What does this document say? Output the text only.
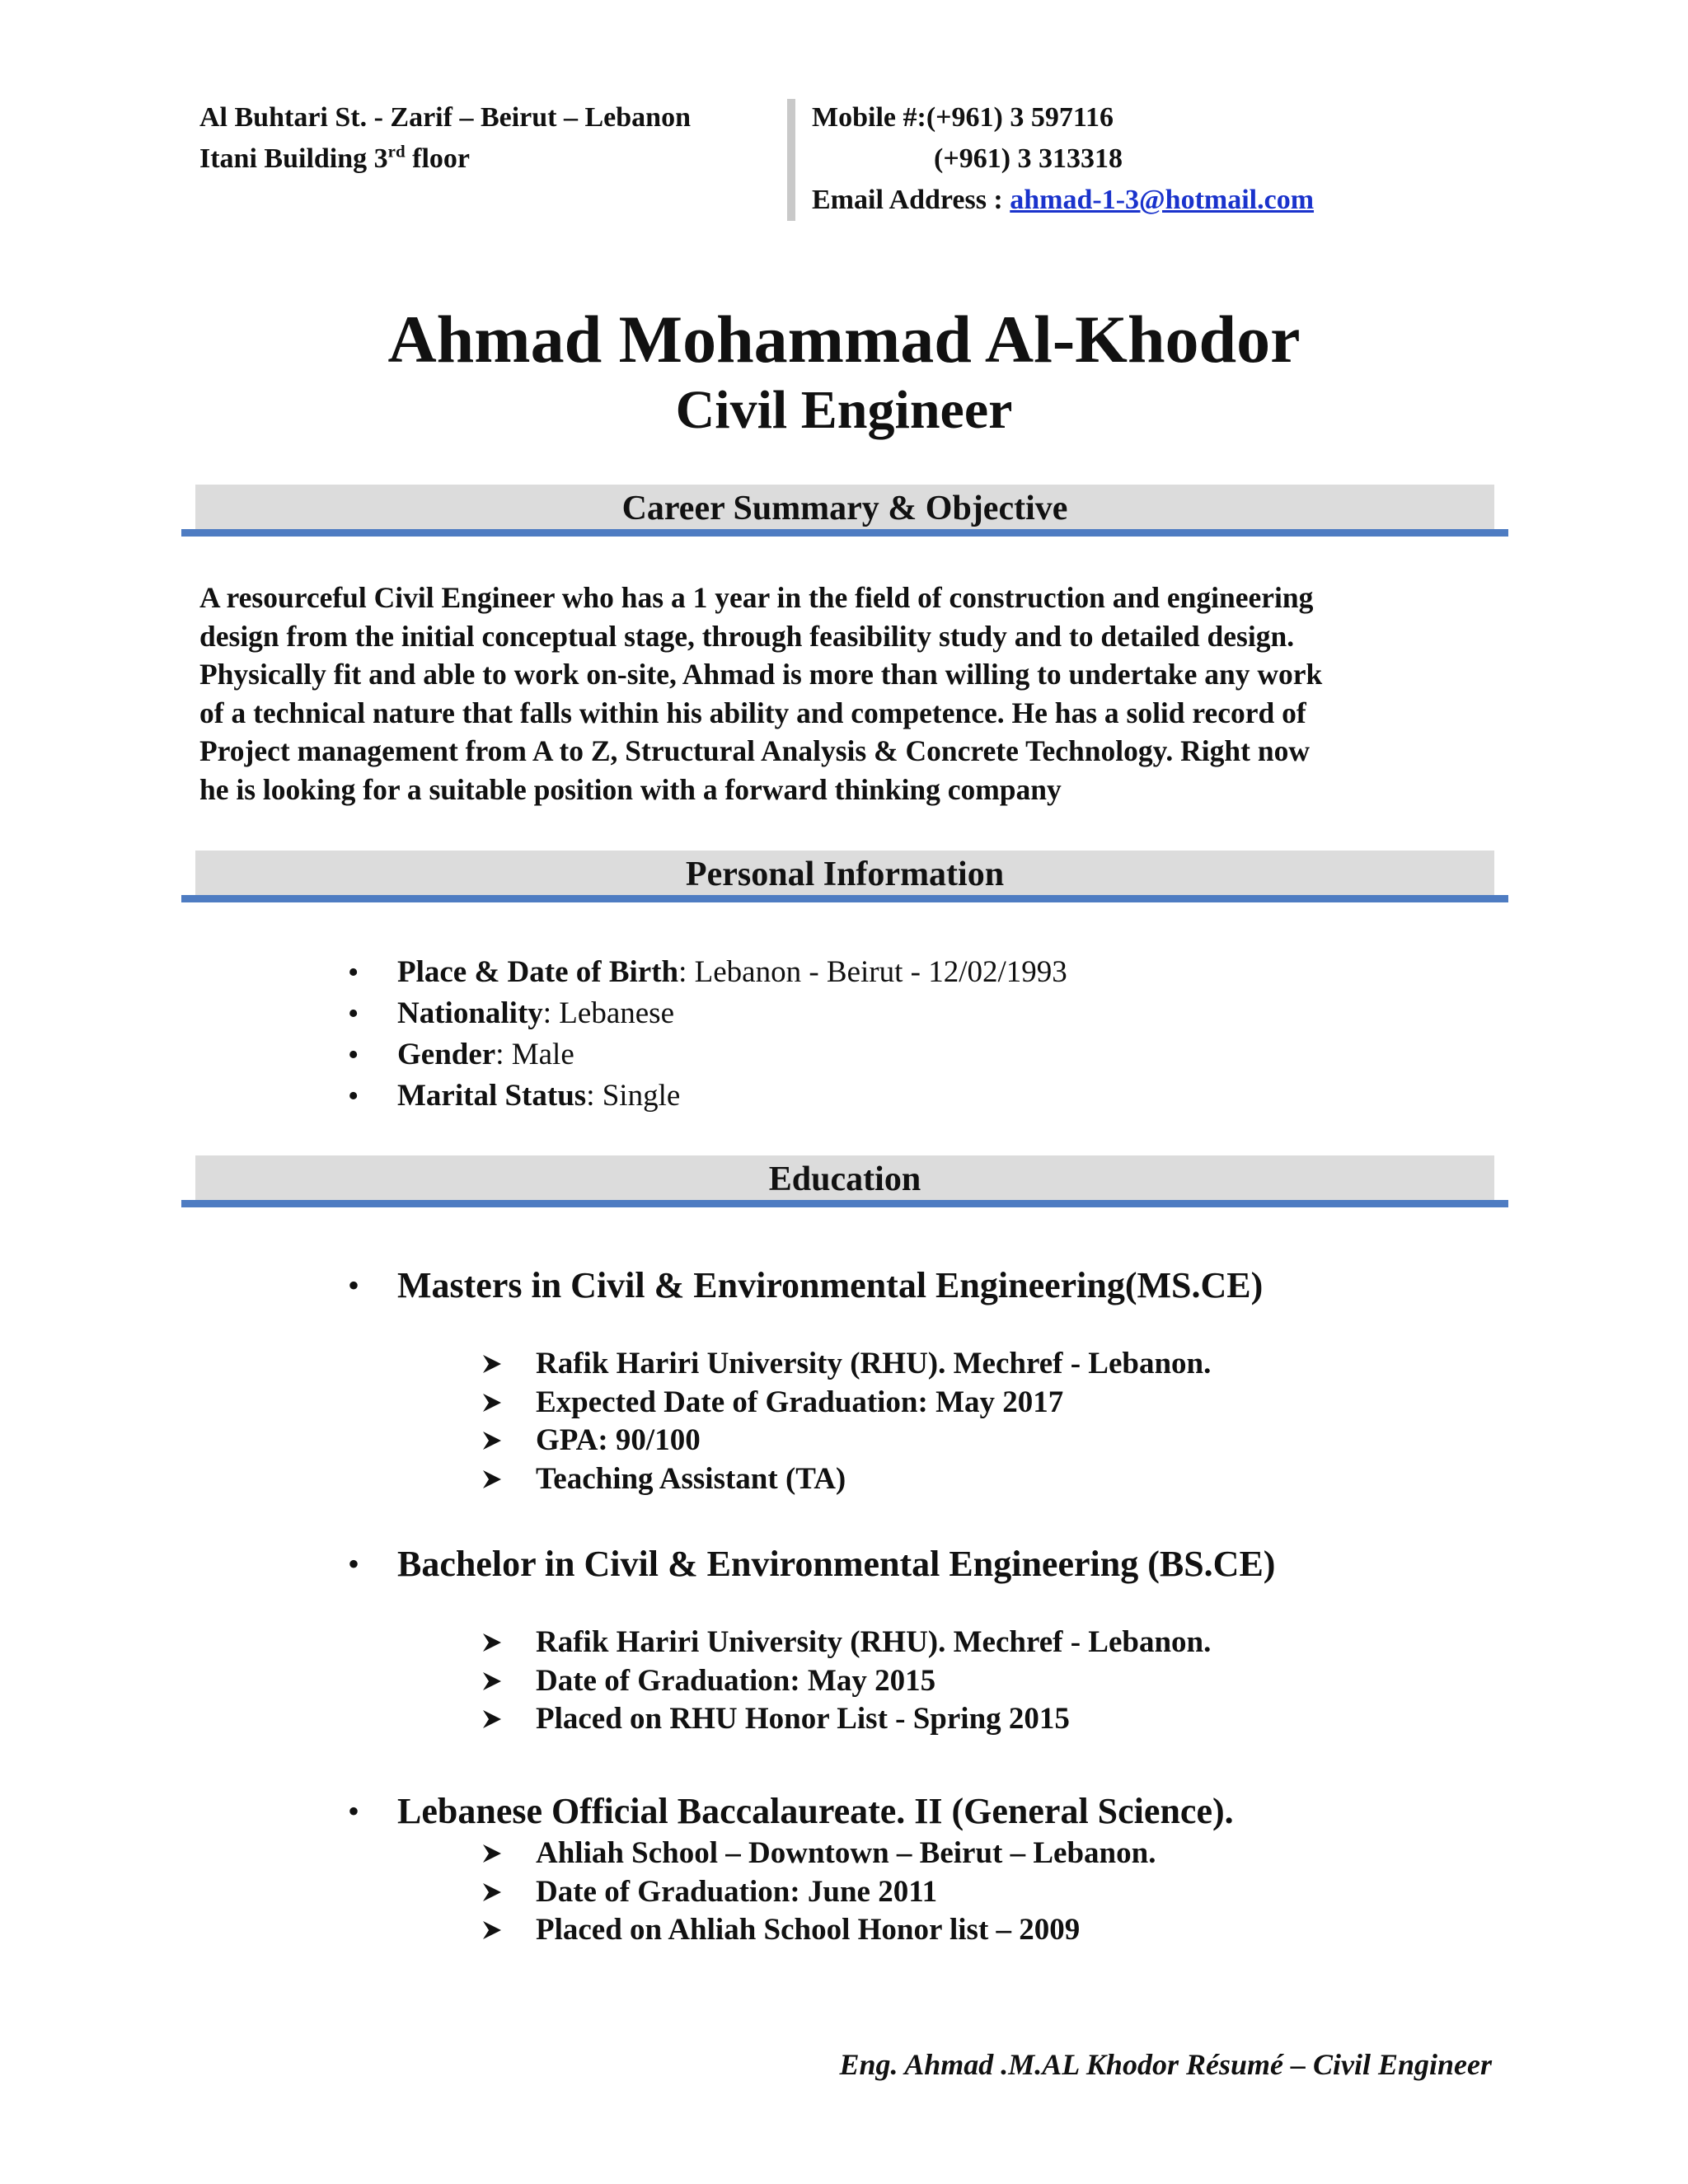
Al Buhtari St. - Zarif – Beirut – Lebanon
Itani Building 3rd floor
Mobile #:(+961) 3 597116
(+961) 3 313318
Email Address : ahmad-1-3@hotmail.com
Ahmad Mohammad Al-Khodor
Civil Engineer
Career Summary & Objective
A resourceful Civil Engineer who has a 1 year in the field of construction and engineering
design from the initial conceptual stage, through feasibility study and to detailed design.
Physically fit and able to work on-site, Ahmad is more than willing to undertake any work
of a technical nature that falls within his ability and competence. He has a solid record of
Project management from A to Z, Structural Analysis & Concrete Technology. Right now
he is looking for a suitable position with a forward thinking company
Personal Information
• Place & Date of Birth: Lebanon - Beirut - 12/02/1993
• Nationality: Lebanese
• Gender: Male
• Marital Status: Single
Education
• Masters in Civil & Environmental Engineering(MS.CE)
Rafik Hariri University (RHU). Mechref - Lebanon.
Expected Date of Graduation: May 2017
GPA: 90/100
Teaching Assistant (TA)
• Bachelor in Civil & Environmental Engineering (BS.CE)
Rafik Hariri University (RHU). Mechref - Lebanon.
Date of Graduation: May 2015
Placed on RHU Honor List - Spring 2015
• Lebanese Official Baccalaureate. II (General Science).
Ahliah School – Downtown – Beirut – Lebanon.
Date of Graduation: June 2011
Placed on Ahliah School Honor list – 2009
Eng. Ahmad .M.AL Khodor Résumé – Civil Engineer
